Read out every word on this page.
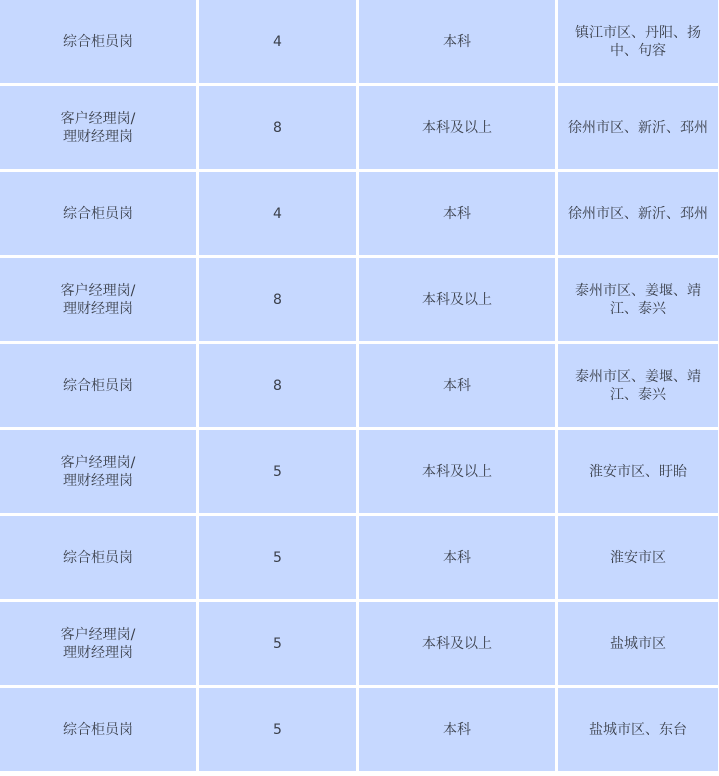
综合柜员岗	4	本科	镇江市区、丹阳、扬中、句容	
客户经理岗/
理财经理岗	8	本科及以上	徐州市区、新沂、邳州	
综合柜员岗	4	本科	徐州市区、新沂、邳州	
客户经理岗/
理财经理岗	8	本科及以上	泰州市区、姜堰、靖江、泰兴	
综合柜员岗	8	本科	泰州市区、姜堰、靖江、泰兴	
客户经理岗/
理财经理岗	5	本科及以上	淮安市区、盱眙	
综合柜员岗	5	本科	淮安市区	
客户经理岗/
理财经理岗	5	本科及以上	盐城市区	
综合柜员岗	5	本科	盐城市区、东台	
